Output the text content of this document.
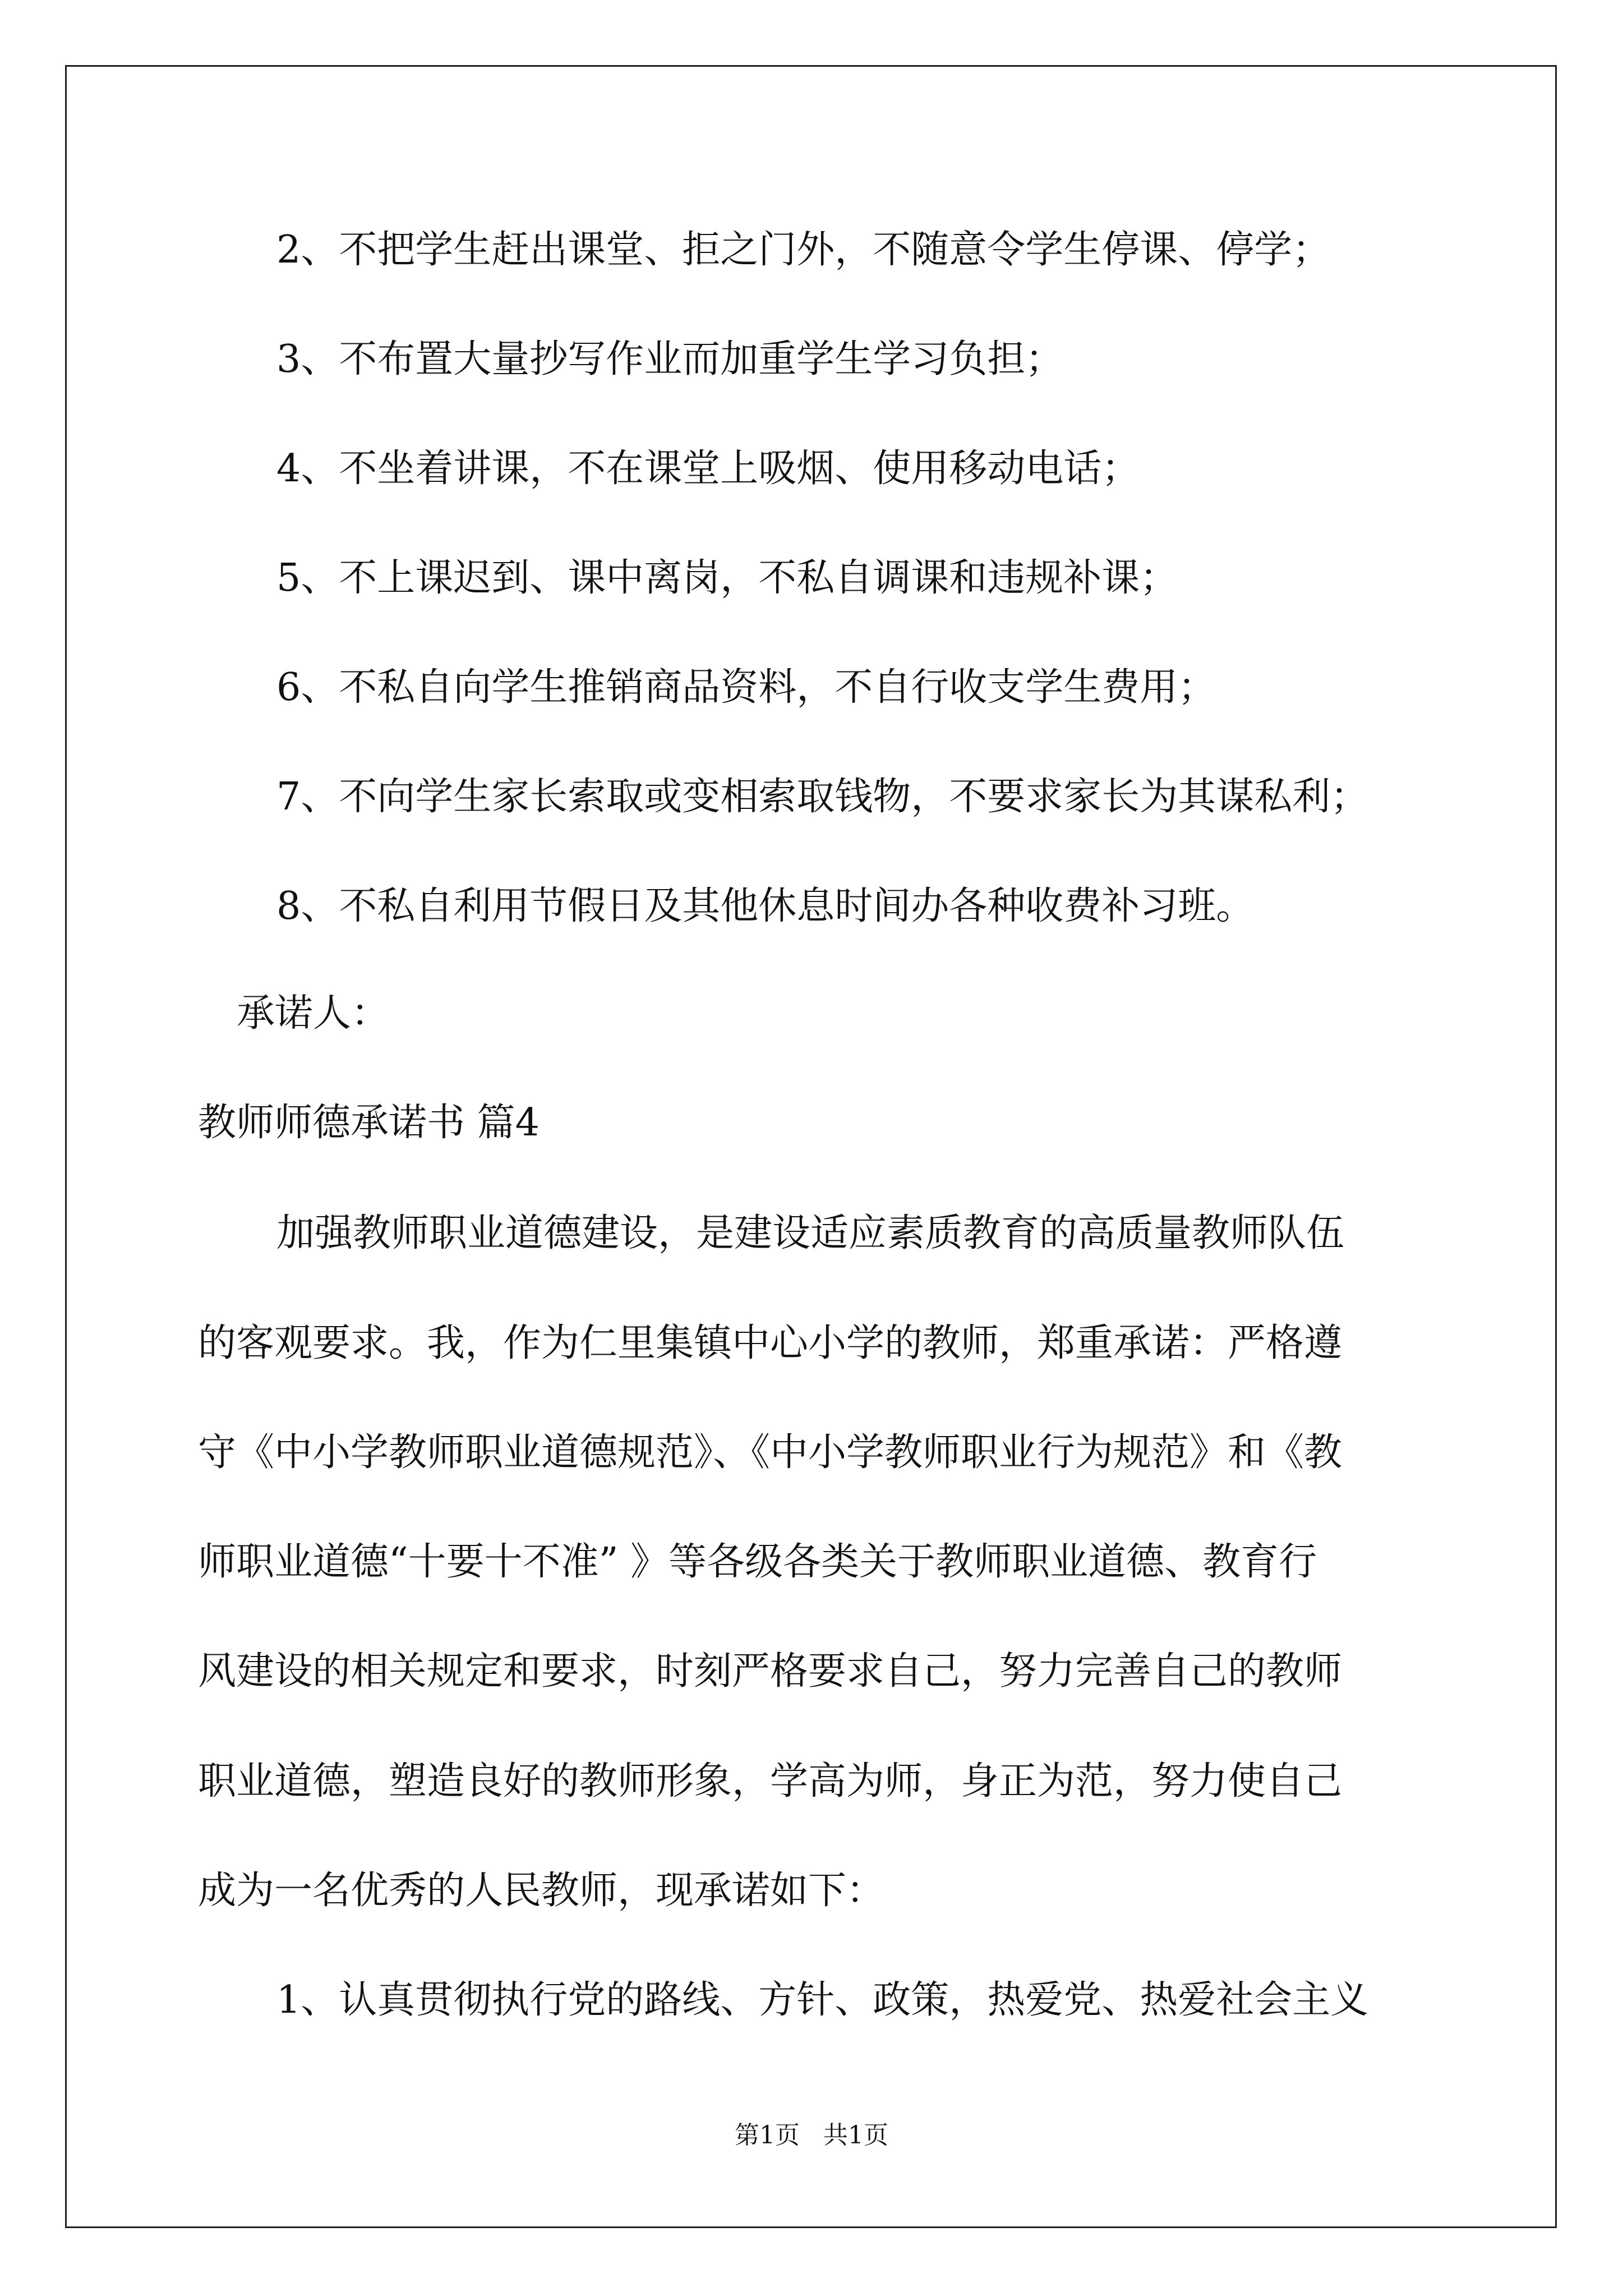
2、不把学生赶出课堂、拒之门外，不随意令学生停课、停学；
3、不布置大量抄写作业而加重学生学习负担；
4、不坐着讲课，不在课堂上吸烟、使用移动电话；
5、不上课迟到、课中离岗，不私自调课和违规补课；
6、不私自向学生推销商品资料，不自行收支学生费用；
7、不向学生家长索取或变相索取钱物，不要求家长为其谋私利；
8、不私自利用节假日及其他休息时间办各种收费补习班。
承诺人：
教师师德承诺书 篇4
加强教师职业道德建设，是建设适应素质教育的高质量教师队伍
的客观要求。我，作为仁里集镇中心小学的教师，郑重承诺：严格遵
守《中小学教师职业道德规范》、《中小学教师职业行为规范》和《教
师职业道德“十要十不准” 》等各级各类关于教师职业道德、教育行
风建设的相关规定和要求，时刻严格要求自己，努力完善自己的教师
职业道德，塑造良好的教师形象，学高为师，身正为范，努力使自己
成为一名优秀的人民教师，现承诺如下：
1、认真贯彻执行党的路线、方针、政策，热爱党、热爱社会主义
第1页   共1页
